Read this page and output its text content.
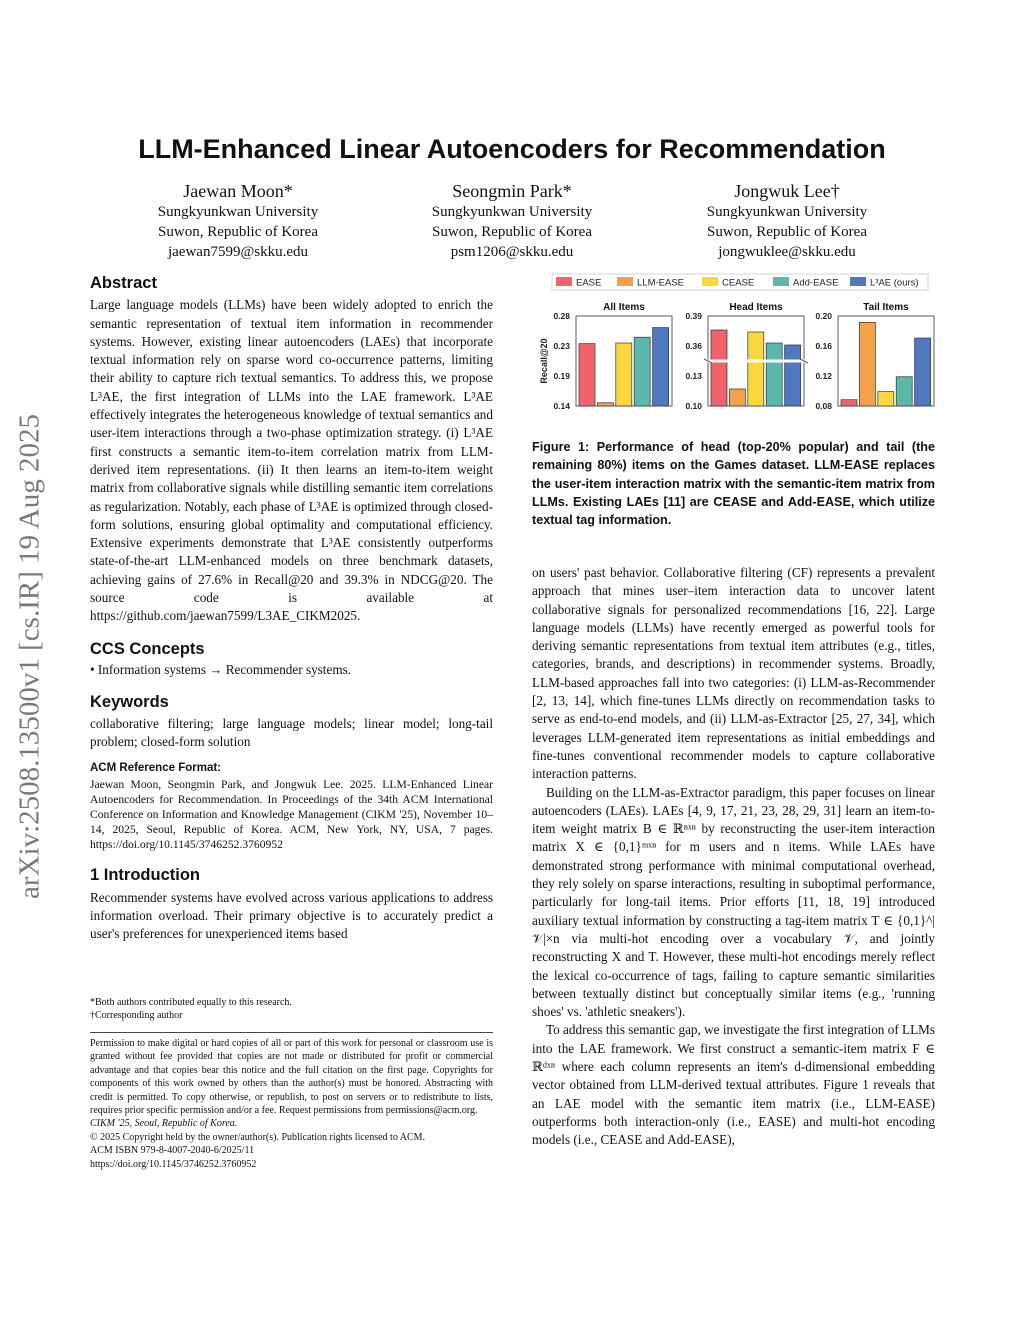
arXiv:2508.13500v1 [cs.IR] 19 Aug 2025
LLM-Enhanced Linear Autoencoders for Recommendation
Jaewan Moon*
Sungkyunkwan University
Suwon, Republic of Korea
jaewan7599@skku.edu
Seongmin Park*
Sungkyunkwan University
Suwon, Republic of Korea
psm1206@skku.edu
Jongwuk Lee†
Sungkyunkwan University
Suwon, Republic of Korea
jongwuklee@skku.edu

Abstract

Large language models (LLMs) have been widely adopted to enrich the semantic representation of textual item information in recommender systems. However, existing linear autoencoders (LAEs) that incorporate textual information rely on sparse word co-occurrence patterns, limiting their ability to capture rich textual semantics. To address this, we propose L³AE, the first integration of LLMs into the LAE framework. L³AE effectively integrates the heterogeneous knowledge of textual semantics and user-item interactions through a two-phase optimization strategy. (i) L³AE first constructs a semantic item-to-item correlation matrix from LLM-derived item representations. (ii) It then learns an item-to-item weight matrix from collaborative signals while distilling semantic item correlations as regularization. Notably, each phase of L³AE is optimized through closed-form solutions, ensuring global optimality and computational efficiency. Extensive experiments demonstrate that L³AE consistently outperforms state-of-the-art LLM-enhanced models on three benchmark datasets, achieving gains of 27.6% in Recall@20 and 39.3% in NDCG@20. The source code is available at https://github.com/jaewan7599/L3AE_CIKM2025.

CCS Concepts

• Information systems → Recommender systems.

Keywords

collaborative filtering; large language models; linear model; long-tail problem; closed-form solution

ACM Reference Format:

Jaewan Moon, Seongmin Park, and Jongwuk Lee. 2025. LLM-Enhanced Linear Autoencoders for Recommendation. In Proceedings of the 34th ACM International Conference on Information and Knowledge Management (CIKM '25), November 10–14, 2025, Seoul, Republic of Korea. ACM, New York, NY, USA, 7 pages. https://doi.org/10.1145/3746252.3760952

1 Introduction

Recommender systems have evolved across various applications to address information overload. Their primary objective is to accurately predict a user's preferences for unexperienced items based

*Both authors contributed equally to this research.

†Corresponding author

Permission to make digital or hard copies of all or part of this work for personal or classroom use is granted without fee provided that copies are not made or distributed for profit or commercial advantage and that copies bear this notice and the full citation on the first page. Copyrights for components of this work owned by others than the author(s) must be honored. Abstracting with credit is permitted. To copy otherwise, or republish, to post on servers or to redistribute to lists, requires prior specific permission and/or a fee. Request permissions from permissions@acm.org.

CIKM '25, Seoul, Republic of Korea.

© 2025 Copyright held by the owner/author(s). Publication rights licensed to ACM.

ACM ISBN 979-8-4007-2040-6/2025/11

https://doi.org/10.1145/3746252.3760952

EASE	LLM-EASE	CEASE	Add-EASE	L³AE (ours)
All Items
0.14
0.19
0.23
0.28
Recall@20
Head Items
0.10
0.13
0.36
0.39
Tail Items
0.08
0.12
0.16
0.20
Figure 1: Performance of head (top-20% popular) and tail (the remaining 80%) items on the Games dataset. LLM-EASE replaces the user-item interaction matrix with the semantic-item matrix from LLMs. Existing LAEs [11] are CEASE and Add-EASE, which utilize textual tag information.

on users' past behavior. Collaborative filtering (CF) represents a prevalent approach that mines user–item interaction data to uncover latent collaborative signals for personalized recommendations [16, 22]. Large language models (LLMs) have recently emerged as powerful tools for deriving semantic representations from textual item attributes (e.g., titles, categories, brands, and descriptions) in recommender systems. Broadly, LLM-based approaches fall into two categories: (i) LLM-as-Recommender [2, 13, 14], which fine-tunes LLMs directly on recommendation tasks to serve as end-to-end models, and (ii) LLM-as-Extractor [25, 27, 34], which leverages LLM-generated item representations as initial embeddings and fine-tunes conventional recommender models to capture collaborative interaction patterns.

Building on the LLM-as-Extractor paradigm, this paper focuses on linear autoencoders (LAEs). LAEs [4, 9, 17, 21, 23, 28, 29, 31] learn an item-to-item weight matrix B ∈ ℝⁿˣⁿ by reconstructing the user-item interaction matrix X ∈ {0,1}ᵐˣⁿ for m users and n items. While LAEs have demonstrated strong performance with minimal computational overhead, they rely solely on sparse interactions, resulting in suboptimal performance, particularly for long-tail items. Prior efforts [11, 18, 19] introduced auxiliary textual information by constructing a tag-item matrix T ∈ {0,1}^|𝒱|×n via multi-hot encoding over a vocabulary 𝒱, and jointly reconstructing X and T. However, these multi-hot encodings merely reflect the lexical co-occurrence of tags, failing to capture semantic similarities between textually distinct but conceptually similar items (e.g., 'running shoes' vs. 'athletic sneakers').

To address this semantic gap, we investigate the first integration of LLMs into the LAE framework. We first construct a semantic-item matrix F ∈ ℝᵈˣⁿ where each column represents an item's d-dimensional embedding vector obtained from LLM-derived textual attributes. Figure 1 reveals that an LAE model with the semantic item matrix (i.e., LLM-EASE) outperforms both interaction-only (i.e., EASE) and multi-hot encoding models (i.e., CEASE and Add-EASE),
